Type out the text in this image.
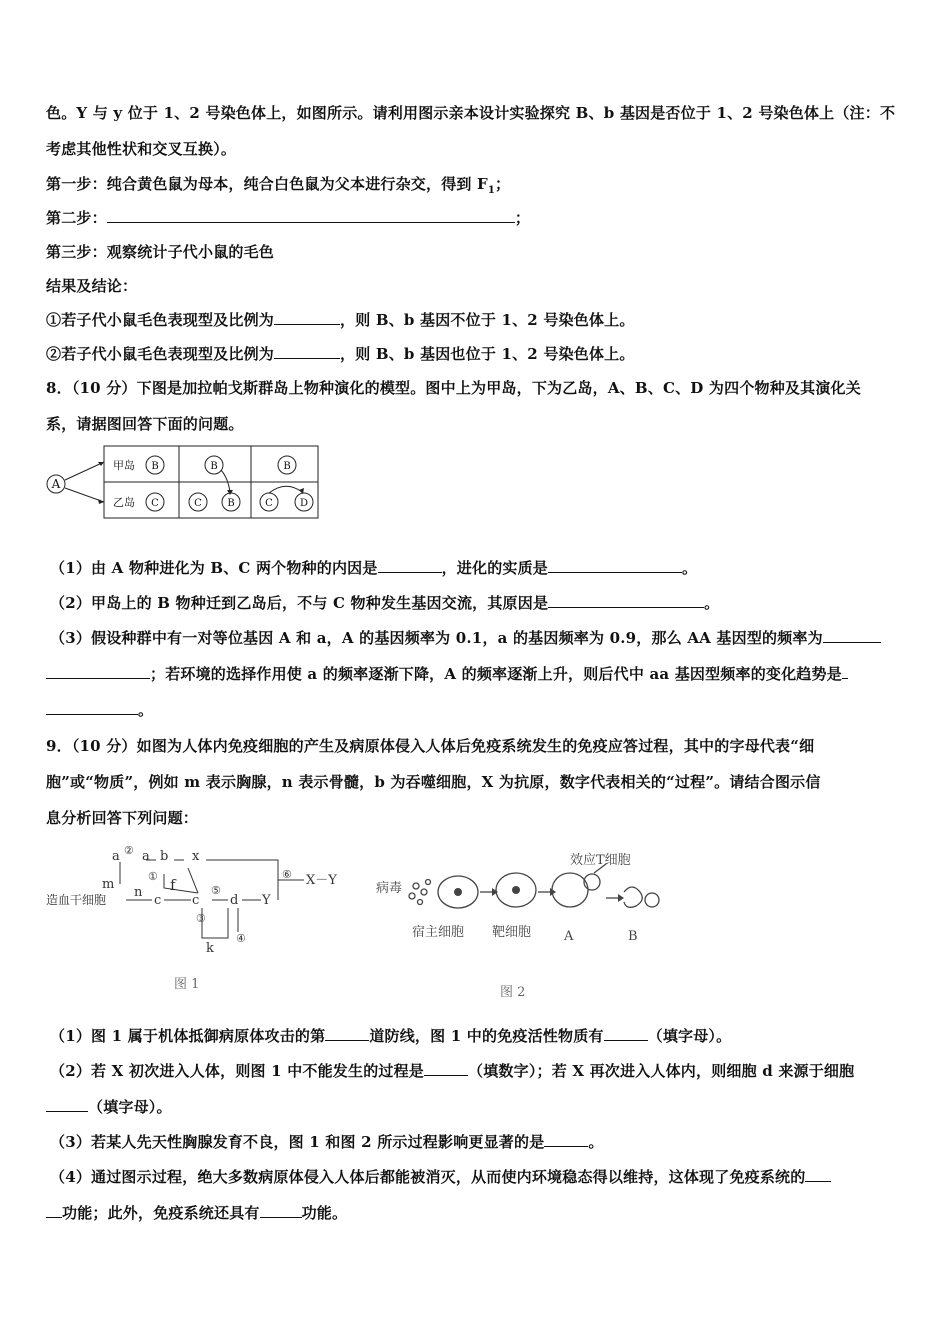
色。Y 与 y 位于 1、2 号染色体上，如图所示。请利用图示亲本设计实验探究 B、b 基因是否位于 1、2 号染色体上（注：不
考虑其他性状和交叉互换）。
第一步：纯合黄色鼠为母本，纯合白色鼠为父本进行杂交，得到 $F_1$；
第二步：	；
第三步：观察统计子代小鼠的毛色
结果及结论：
①若子代小鼠毛色表现型及比例为	，则 B、b 基因不位于 1、2 号染色体上。
②若子代小鼠毛色表现型及比例为	，则 B、b 基因也位于 1、2 号染色体上。
8．（10 分）下图是加拉帕戈斯群岛上物种演化的模型。图中上为甲岛，下为乙岛，A、B、C、D 为四个物种及其演化关
系，请据图回答下面的问题。
A
甲岛
乙岛
B
C
B
C	B
B
C	D
（1）由 A 物种进化为 B、C 两个物种的内因是	，进化的实质是	。
（2）甲岛上的 B 物种迁到乙岛后，不与 C 物种发生基因交流，其原因是	。
（3）假设种群中有一对等位基因 A 和 a，A 的基因频率为 0.1，a 的基因频率为 0.9，那么 AA 基因型的频率为
；若环境的选择作用使 a 的频率逐渐下降，A 的频率逐渐上升，则后代中 aa 基因型频率的变化趋势是
。
9．（10 分）如图为人体内免疫细胞的产生及病原体侵入人体后免疫系统发生的免疫应答过程，其中的字母代表“细
胞”或“物质”，例如 m 表示胸腺，n 表示骨髓，b 为吞噬细胞，X 为抗原，数字代表相关的“过程”。请结合图示信
息分析回答下列问题：
造血干细胞
a ② a b x
m
① f
n
c c d
⑤
Y
⑥ X－Y
③
k
④
图 1
病毒
宿主细胞 靶细胞	A	B
效应T细胞
图 2
（1）图 1 属于机体抵御病原体攻击的第	道防线，图 1 中的免疫活性物质有	（填字母）。
（2）若 X 初次进入人体，则图 1 中不能发生的过程是	（填数字）；若 X 再次进入人体内，则细胞 d 来源于细胞
（填字母）。
（3）若某人先天性胸腺发育不良，图 1 和图 2 所示过程影响更显著的是	。
（4）通过图示过程，绝大多数病原体侵入人体后都能被消灭，从而使内环境稳态得以维持，这体现了免疫系统的
功能；此外，免疫系统还具有	功能。
